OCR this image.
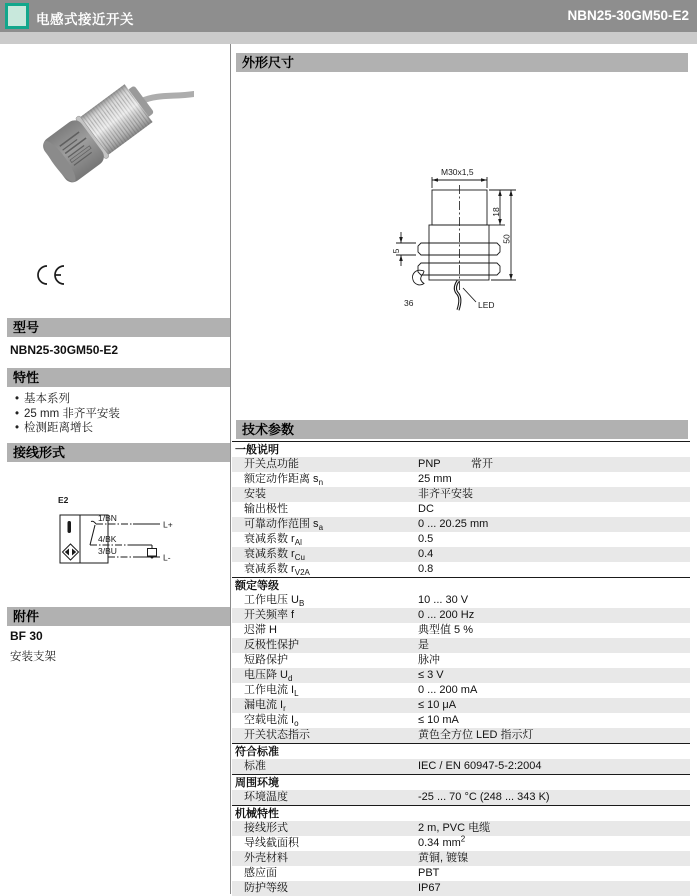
电感式接近开关	NBN25-30GM50-E2
型号
NBN25-30GM50-E2
特性
• 基本系列
• 25 mm 非齐平安装
• 检测距离增长
接线形式
E2
1/BN
4/BK
3/BU
L+
L-
附件
BF 30
安装支架
外形尺寸
M30x1,5
18
50
5
36	LED
技术参数
一般说明
开关点功能	PNP	常开
额定动作距离 $s_n$	25 mm
安装	非齐平安装
输出极性	DC
可靠动作范围 $s_a$	0 ... 20.25 mm
衰减系数 $r_{Al}$	0.5
衰减系数 $r_{Cu}$	0.4
衰减系数 $r_{V2A}$	0.8
额定等级
工作电压 $U_B$	10 ... 30 V
开关频率 f	0 ... 200 Hz
迟滞 H	典型值 5 %
反极性保护	是
短路保护	脉冲
电压降 $U_d$	≤ 3 V
工作电流 $I_L$	0 ... 200 mA
漏电流 $I_r$	≤ 10 μA
空载电流 $I_o$	≤ 10 mA
开关状态指示	黄色全方位 LED 指示灯
符合标准
标准	IEC / EN 60947-5-2:2004
周围环境
环境温度	-25 ... 70 °C (248 ... 343 K)
机械特性
接线形式	2 m, PVC 电缆
导线截面积	0.34 $mm^2$
外壳材料	黄铜, 镀镍
感应面	PBT
防护等级	IP67
